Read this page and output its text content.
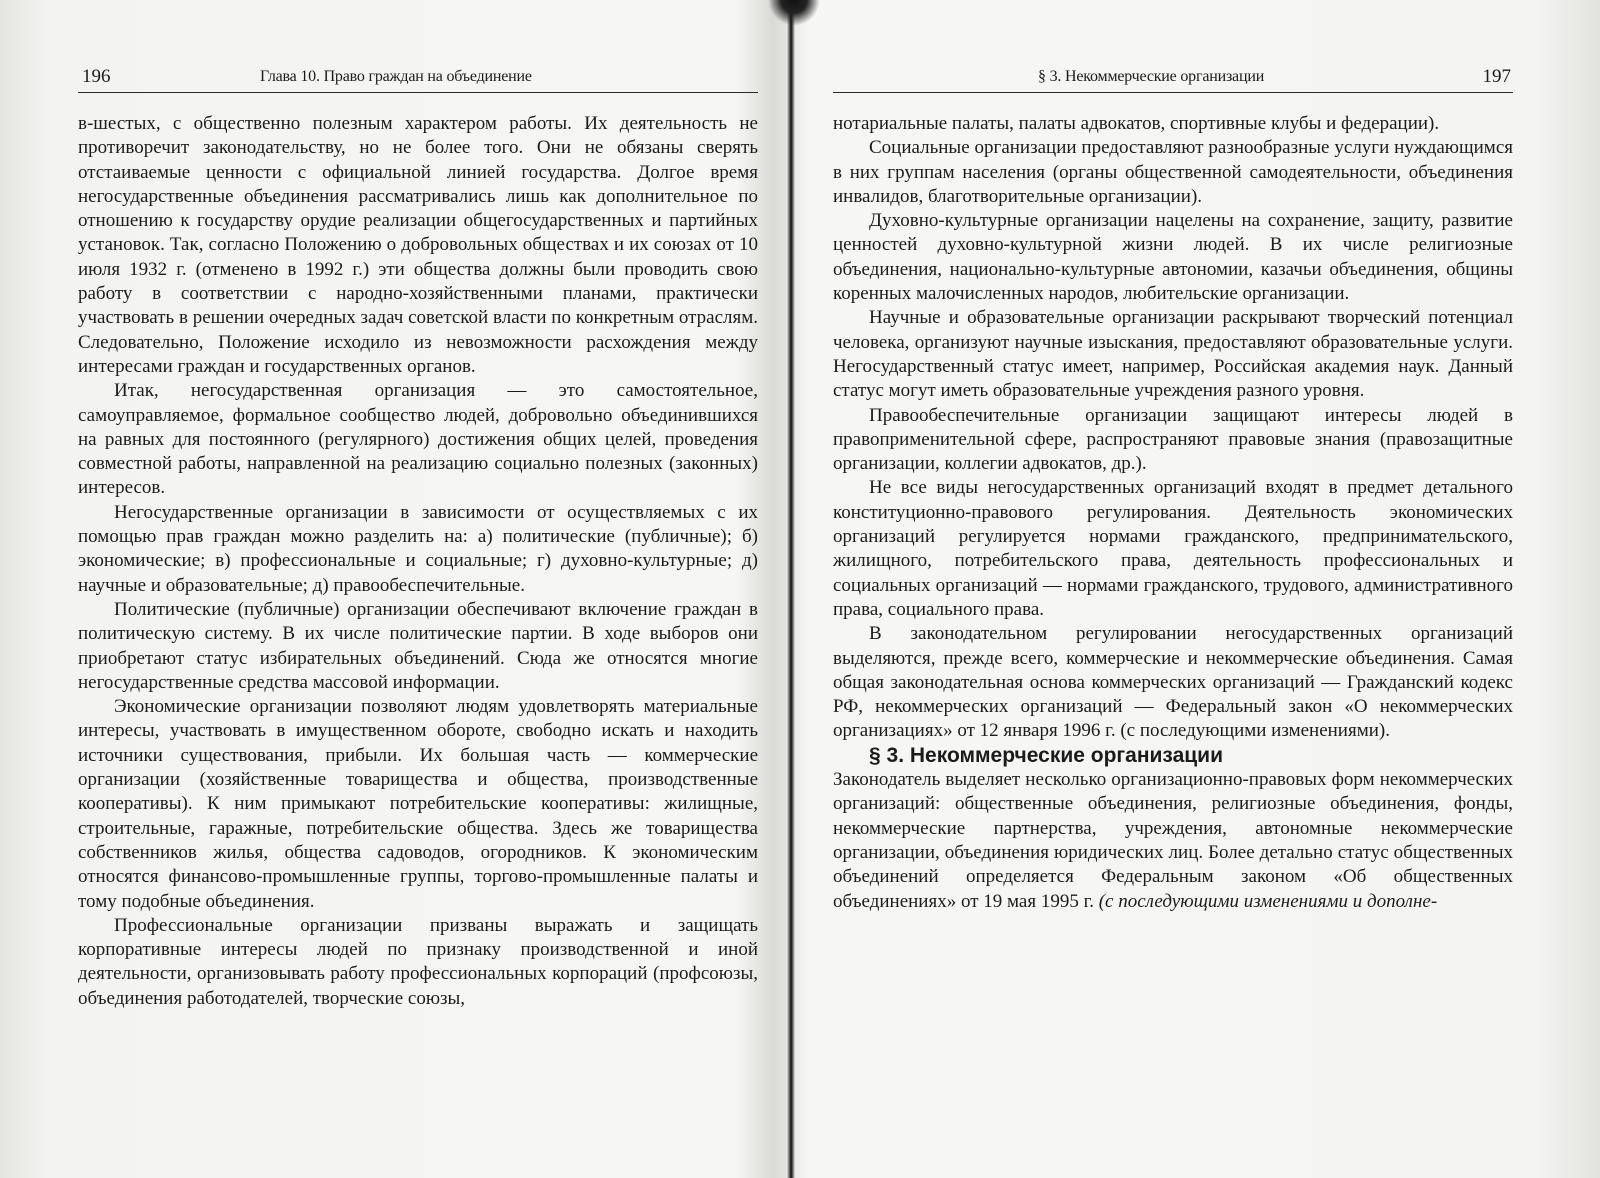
196	Глава 10. Право граждан на объединение

в-шестых, с общественно полезным характером работы. Их деятельность не противоречит законодательству, но не более того. Они не обязаны сверять отстаиваемые ценности с официальной линией государства. Долгое время негосударственные объединения рассматривались лишь как дополнительное по отношению к государству орудие реализации общегосударственных и партийных установок. Так, согласно Положению о добровольных обществах и их союзах от 10 июля 1932 г. (отменено в 1992 г.) эти общества должны были проводить свою работу в соответствии с народно-хозяйственными планами, практически участвовать в решении очередных задач советской власти по конкретным отраслям. Следовательно, Положение исходило из невозможности расхождения между интересами граждан и государственных органов.

Итак, негосударственная организация — это самостоятельное, самоуправляемое, формальное сообщество людей, добровольно объединившихся на равных для постоянного (регулярного) достижения общих целей, проведения совместной работы, направленной на реализацию социально полезных (законных) интересов.

Негосударственные организации в зависимости от осуществляемых с их помощью прав граждан можно разделить на: а) политические (публичные); б) экономические; в) профессиональные и социальные; г) духовно-культурные; д) научные и образовательные; д) правообеспечительные.

Политические (публичные) организации обеспечивают включение граждан в политическую систему. В их числе политические партии. В ходе выборов они приобретают статус избирательных объединений. Сюда же относятся многие негосударственные средства массовой информации.

Экономические организации позволяют людям удовлетворять материальные интересы, участвовать в имущественном обороте, свободно искать и находить источники существования, прибыли. Их большая часть — коммерческие организации (хозяйственные товарищества и общества, производственные кооперативы). К ним примыкают потребительские кооперативы: жилищные, строительные, гаражные, потребительские общества. Здесь же товарищества собственников жилья, общества садоводов, огородников. К экономическим относятся финансово-промышленные группы, торгово-промышленные палаты и тому подобные объединения.

Профессиональные организации призваны выражать и защищать корпоративные интересы людей по признаку производственной и иной деятельности, организовывать работу профессиональных корпораций (профсоюзы, объединения работодателей, творческие союзы,

§ 3. Некоммерческие организации	197

нотариальные палаты, палаты адвокатов, спортивные клубы и федерации).

Социальные организации предоставляют разнообразные услуги нуждающимся в них группам населения (органы общественной самодеятельности, объединения инвалидов, благотворительные организации).

Духовно-культурные организации нацелены на сохранение, защиту, развитие ценностей духовно-культурной жизни людей. В их числе религиозные объединения, национально-культурные автономии, казачьи объединения, общины коренных малочисленных народов, любительские организации.

Научные и образовательные организации раскрывают творческий потенциал человека, организуют научные изыскания, предоставляют образовательные услуги. Негосударственный статус имеет, например, Российская академия наук. Данный статус могут иметь образовательные учреждения разного уровня.

Правообеспечительные организации защищают интересы людей в правоприменительной сфере, распространяют правовые знания (правозащитные организации, коллегии адвокатов, др.).

Не все виды негосударственных организаций входят в предмет детального конституционно-правового регулирования. Деятельность экономических организаций регулируется нормами гражданского, предпринимательского, жилищного, потребительского права, деятельность профессиональных и социальных организаций — нормами гражданского, трудового, административного права, социального права.

В законодательном регулировании негосударственных организаций выделяются, прежде всего, коммерческие и некоммерческие объединения. Самая общая законодательная основа коммерческих организаций — Гражданский кодекс РФ, некоммерческих организаций — Федеральный закон «О некоммерческих организациях» от 12 января 1996 г. (с последующими изменениями).

§ 3. Некоммерческие организации

Законодатель выделяет несколько организационно-правовых форм некоммерческих организаций: общественные объединения, религиозные объединения, фонды, некоммерческие партнерства, учреждения, автономные некоммерческие организации, объединения юридических лиц. Более детально статус общественных объединений определяется Федеральным законом «Об общественных объединениях» от 19 мая 1995 г. (с последующими изменениями и дополне-
